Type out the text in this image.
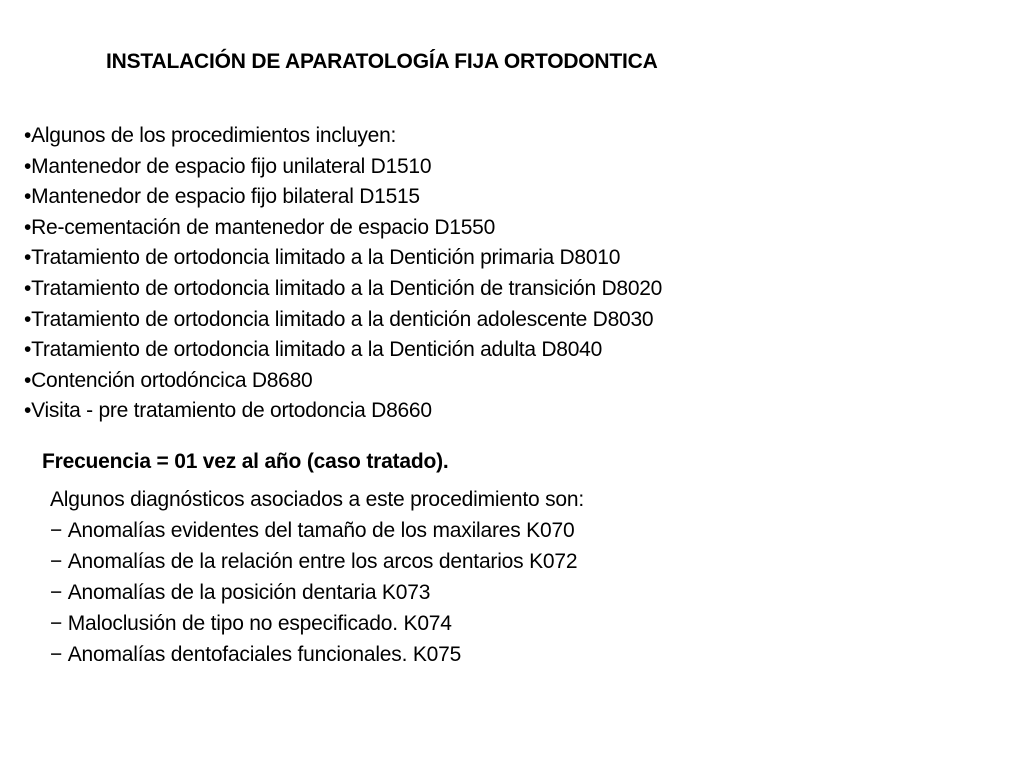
INSTALACIÓN DE APARATOLOGÍA FIJA ORTODONTICA
• Algunos de los procedimientos incluyen:
• Mantenedor de espacio fijo unilateral D1510
• Mantenedor de espacio fijo bilateral D1515
• Re-cementación de mantenedor de espacio D1550
• Tratamiento de ortodoncia limitado a la Dentición primaria D8010
• Tratamiento de ortodoncia limitado a la Dentición de transición D8020
• Tratamiento de ortodoncia limitado a la dentición adolescente D8030
• Tratamiento de ortodoncia limitado a la Dentición adulta D8040
• Contención ortodóncica D8680
• Visita - pre tratamiento de ortodoncia D8660
Frecuencia = 01 vez al año (caso tratado).
Algunos diagnósticos asociados a este procedimiento son:
− Anomalías evidentes del tamaño de los maxilares K070
− Anomalías de la relación entre los arcos dentarios K072
− Anomalías de la posición dentaria K073
− Maloclusión de tipo no especificado. K074
− Anomalías dentofaciales funcionales. K075
